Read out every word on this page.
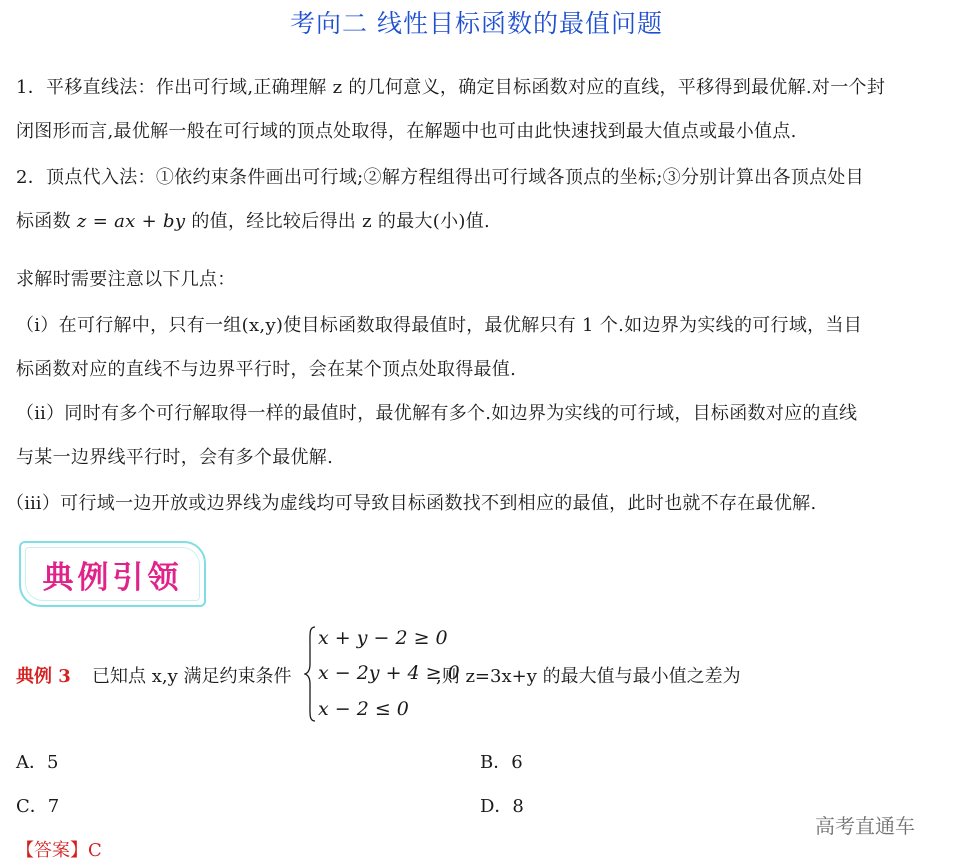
考向二 线性目标函数的最值问题
1．平移直线法：作出可行域,正确理解 z 的几何意义，确定目标函数对应的直线，平移得到最优解.对一个封
闭图形而言,最优解一般在可行域的顶点处取得，在解题中也可由此快速找到最大值点或最小值点.
2．顶点代入法：①依约束条件画出可行域;②解方程组得出可行域各顶点的坐标;③分别计算出各顶点处目
标函数 z = ax + by 的值，经比较后得出 z 的最大(小)值.
求解时需要注意以下几点：
（ⅰ）在可行解中，只有一组(x,y)使目标函数取得最值时，最优解只有 1 个.如边界为实线的可行域，当目
标函数对应的直线不与边界平行时，会在某个顶点处取得最值.
（ⅱ）同时有多个可行解取得一样的最值时，最优解有多个.如边界为实线的可行域，目标函数对应的直线
与某一边界线平行时，会有多个最优解.
（ⅲ）可行域一边开放或边界线为虚线均可导致目标函数找不到相应的最值，此时也就不存在最优解.
典例引领
典例 3 已知点 x,y 满足约束条件
x + y − 2 ≥ 0
x − 2y + 4 ≥ 0
x − 2 ≤ 0
,则 z=3x+y 的最大值与最小值之差为
A．5	B．6
C．7	D．8
【答案】C
高考直通车
